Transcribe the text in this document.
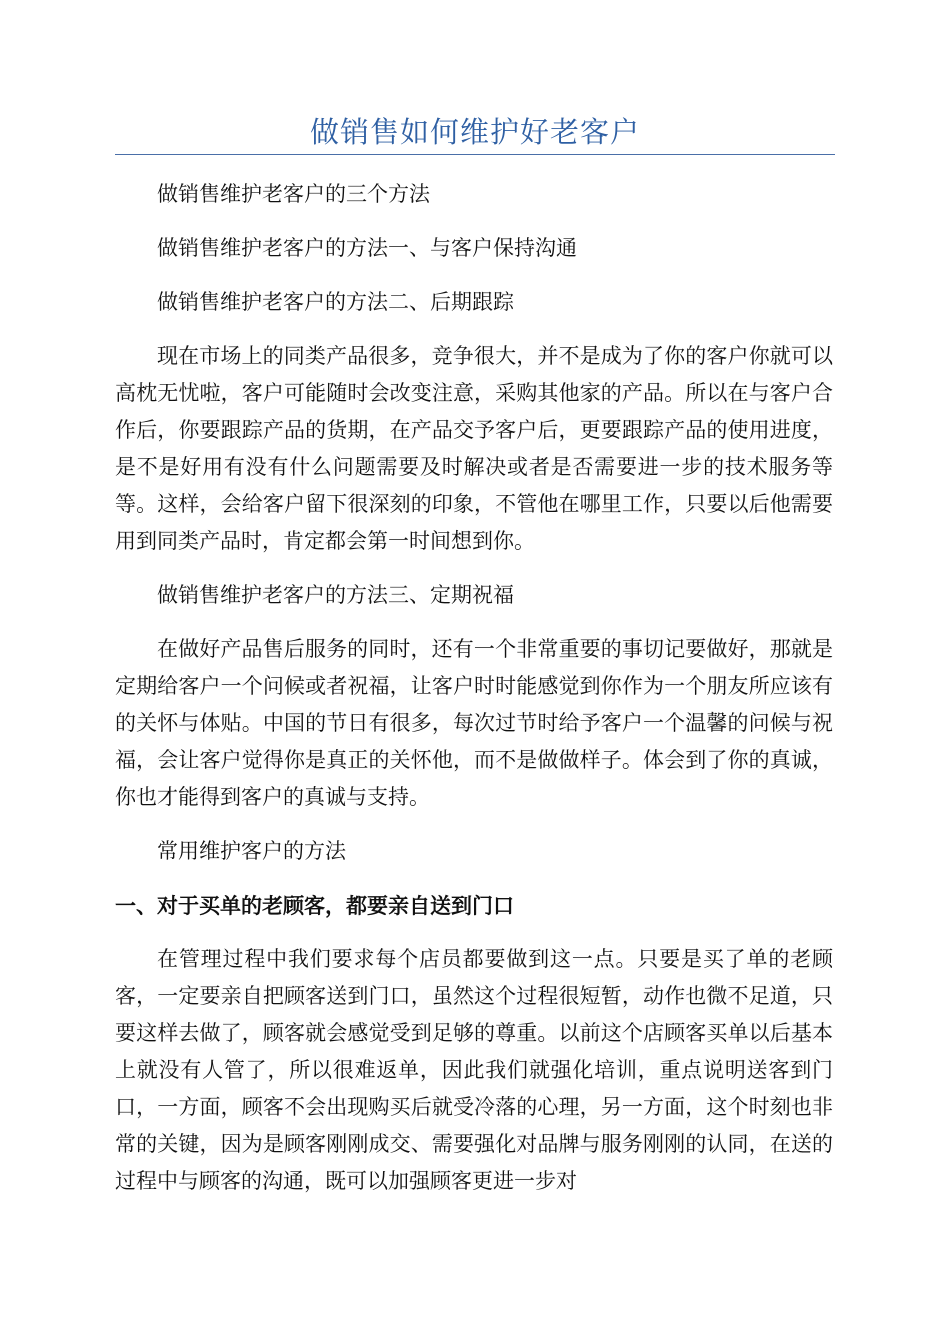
做销售如何维护好老客户

做销售维护老客户的三个方法

做销售维护老客户的方法一、与客户保持沟通

做销售维护老客户的方法二、后期跟踪

现在市场上的同类产品很多，竞争很大，并不是成为了你的客户你就可以高枕无忧啦，客户可能随时会改变注意，采购其他家的产品。所以在与客户合作后，你要跟踪产品的货期，在产品交予客户后，更要跟踪产品的使用进度，是不是好用有没有什么问题需要及时解决或者是否需要进一步的技术服务等等。这样，会给客户留下很深刻的印象，不管他在哪里工作，只要以后他需要用到同类产品时，肯定都会第一时间想到你。

做销售维护老客户的方法三、定期祝福

在做好产品售后服务的同时，还有一个非常重要的事切记要做好，那就是定期给客户一个问候或者祝福，让客户时时能感觉到你作为一个朋友所应该有的关怀与体贴。中国的节日有很多，每次过节时给予客户一个温馨的问候与祝福，会让客户觉得你是真正的关怀他，而不是做做样子。体会到了你的真诚，你也才能得到客户的真诚与支持。

常用维护客户的方法

一、对于买单的老顾客，都要亲自送到门口

在管理过程中我们要求每个店员都要做到这一点。只要是买了单的老顾客，一定要亲自把顾客送到门口，虽然这个过程很短暂，动作也微不足道，只要这样去做了，顾客就会感觉受到足够的尊重。以前这个店顾客买单以后基本上就没有人管了，所以很难返单，因此我们就强化培训，重点说明送客到门口，一方面，顾客不会出现购买后就受冷落的心理，另一方面，这个时刻也非常的关键，因为是顾客刚刚成交、需要强化对品牌与服务刚刚的认同，在送的过程中与顾客的沟通，既可以加强顾客更进一步对
